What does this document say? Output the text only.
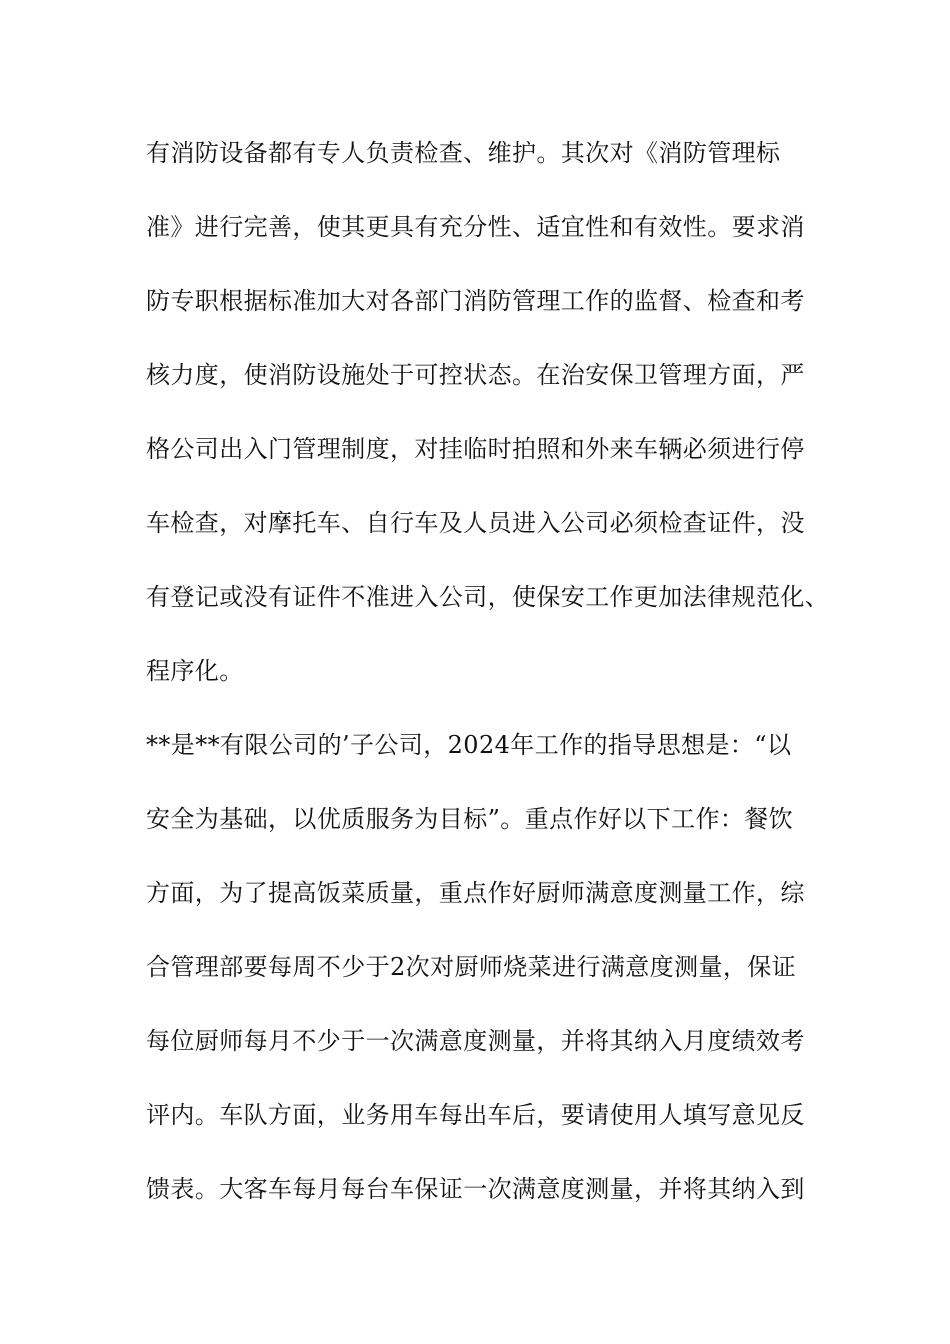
有消防设备都有专人负责检查、维护。其次对《消防管理标
准》进行完善，使其更具有充分性、适宜性和有效性。要求消
防专职根据标准加大对各部门消防管理工作的监督、检查和考
核力度，使消防设施处于可控状态。在治安保卫管理方面，严
格公司出入门管理制度，对挂临时拍照和外来车辆必须进行停
车检查，对摩托车、自行车及人员进入公司必须检查证件，没
有登记或没有证件不准进入公司，使保安工作更加法律规范化、
程序化。
**是**有限公司的’子公司，2024年工作的指导思想是：“以
安全为基础，以优质服务为目标”。重点作好以下工作：餐饮
方面，为了提高饭菜质量，重点作好厨师满意度测量工作，综
合管理部要每周不少于2次对厨师烧菜进行满意度测量，保证
每位厨师每月不少于一次满意度测量，并将其纳入月度绩效考
评内。车队方面，业务用车每出车后，要请使用人填写意见反
馈表。大客车每月每台车保证一次满意度测量，并将其纳入到
